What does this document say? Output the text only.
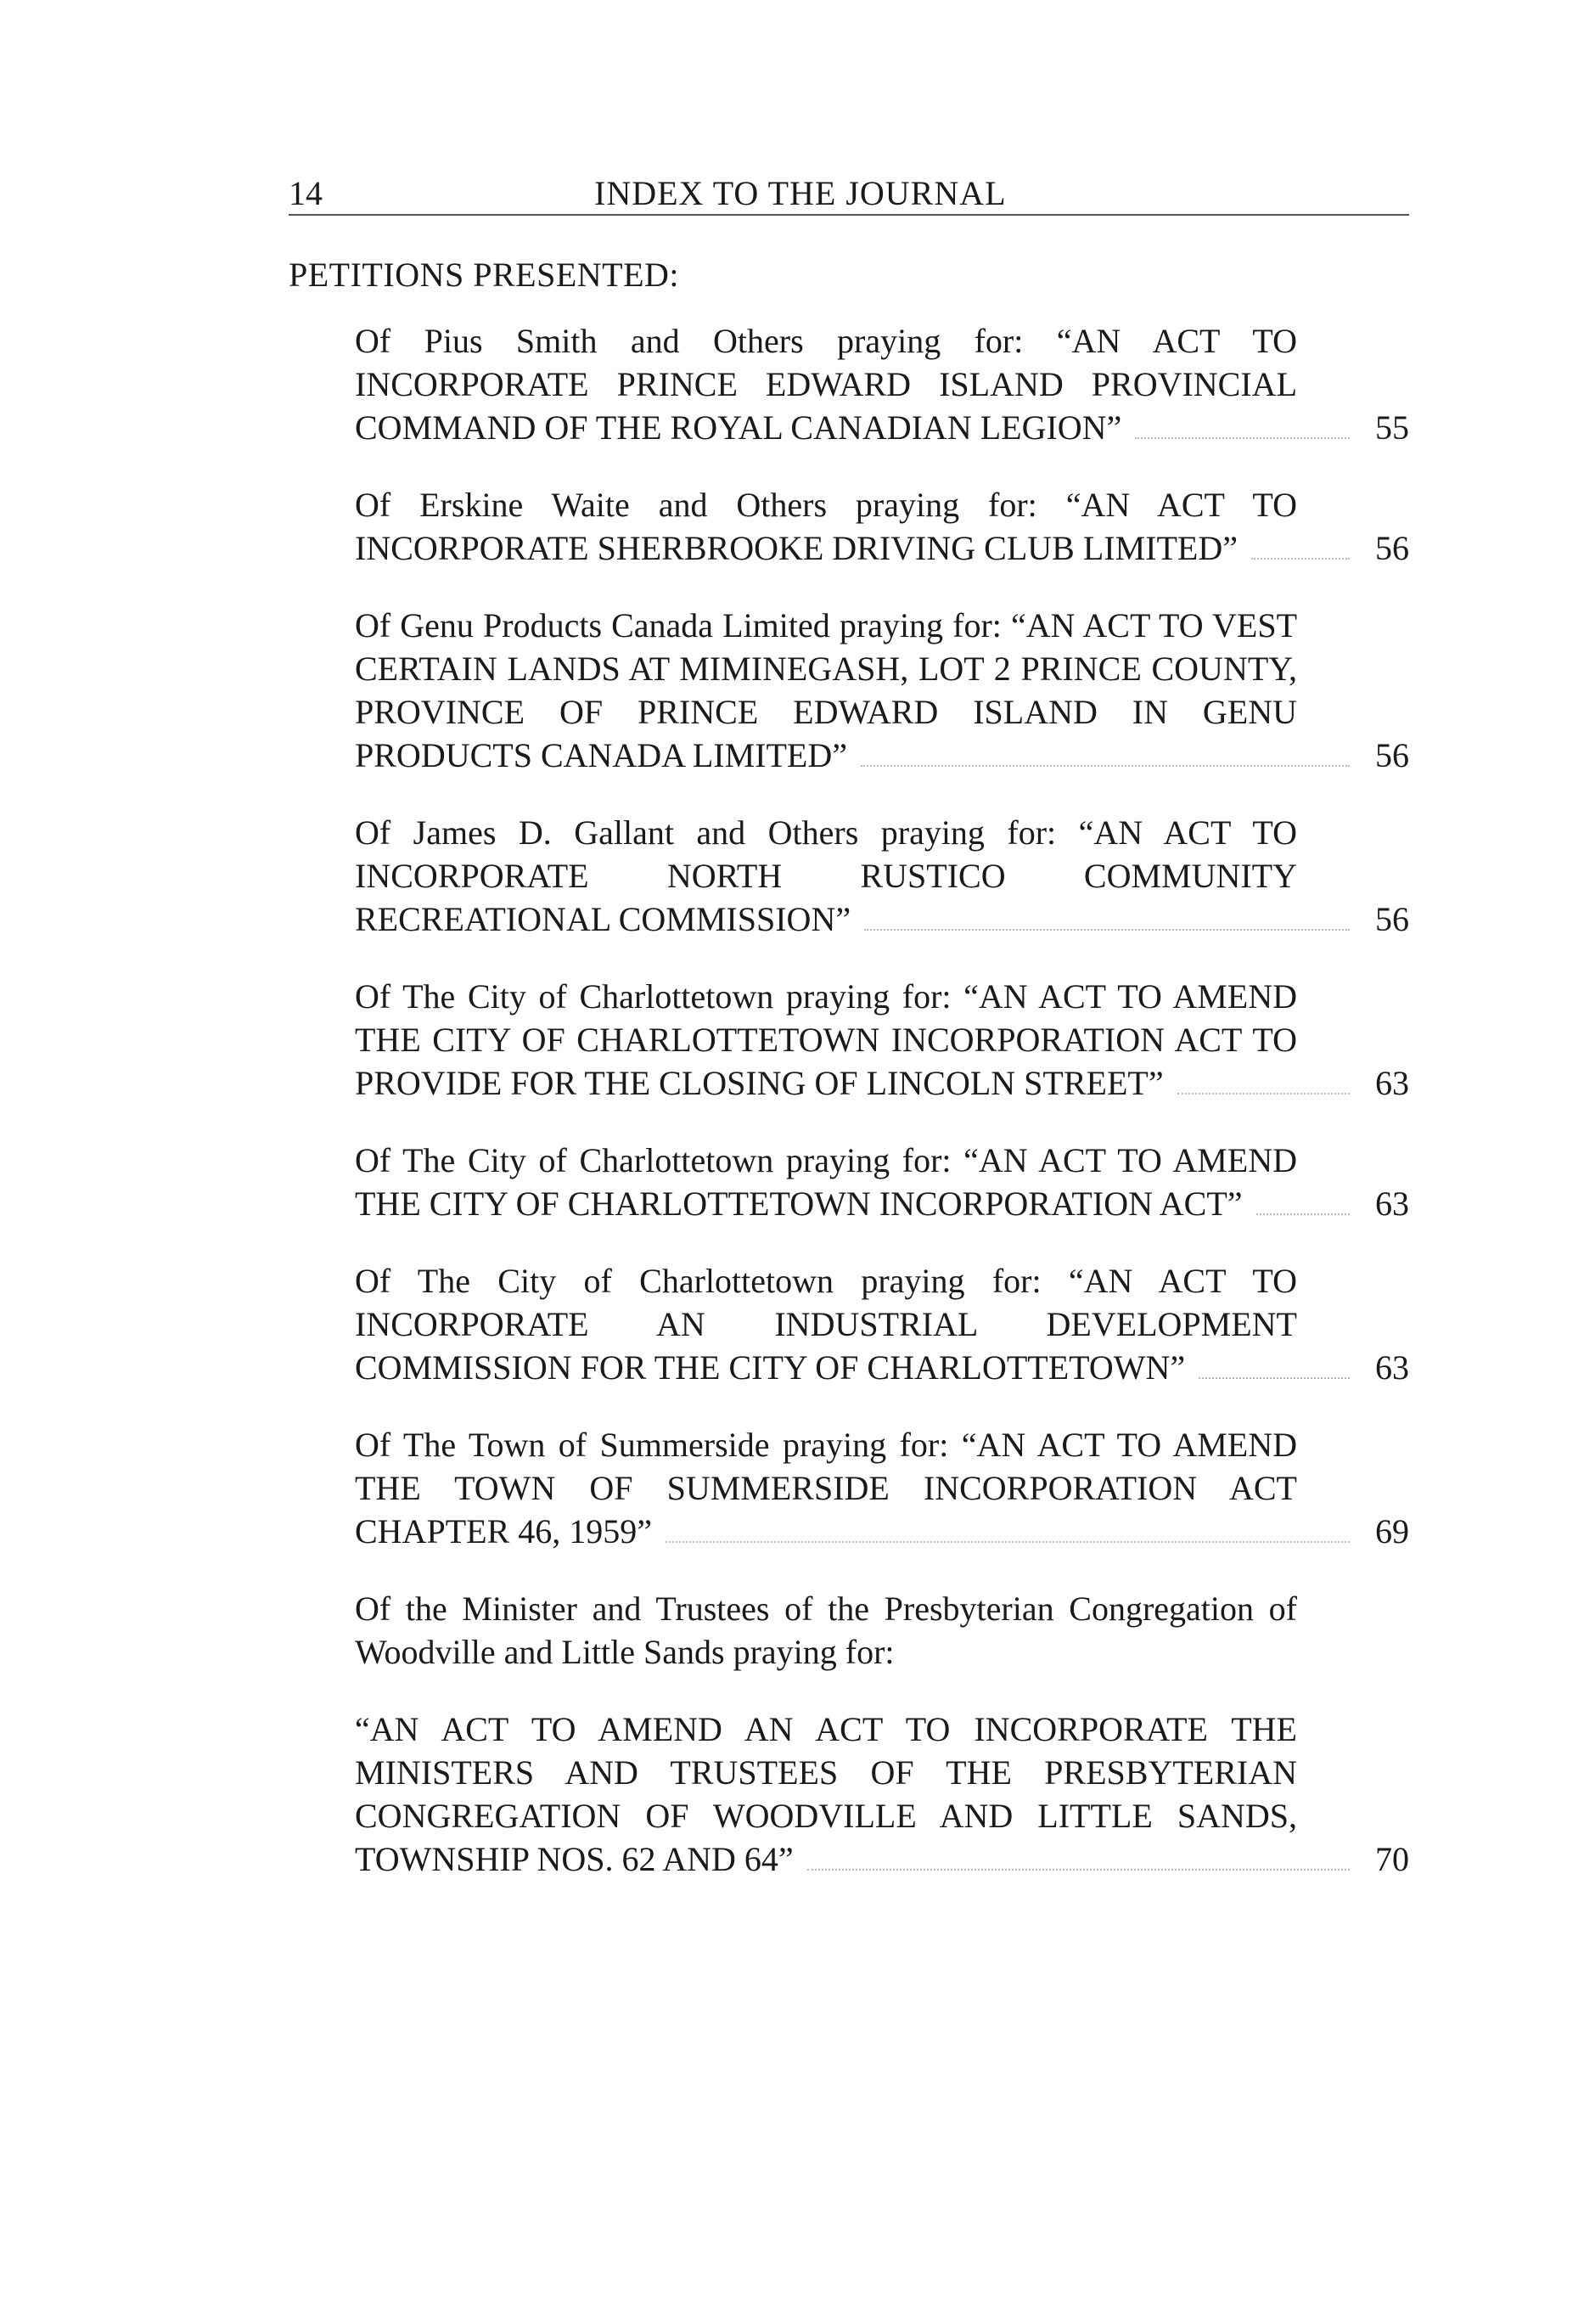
14	INDEX TO THE JOURNAL
PETITIONS PRESENTED:
Of Pius Smith and Others praying for: “AN ACT TO INCORPORATE PRINCE EDWARD ISLAND PROVINCIAL COMMAND OF THE ROYAL CANADIAN LEGION”	55
Of Erskine Waite and Others praying for: “AN ACT TO INCORPORATE SHERBROOKE DRIVING CLUB LIMITED”	56
Of Genu Products Canada Limited praying for: “AN ACT TO VEST CERTAIN LANDS AT MIMINEGASH, LOT 2 PRINCE COUNTY, PROVINCE OF PRINCE EDWARD ISLAND IN GENU PRODUCTS CANADA LIMITED”	56
Of James D. Gallant and Others praying for: “AN ACT TO INCORPORATE NORTH RUSTICO COMMUNITY RECREATIONAL COMMISSION”	56
Of The City of Charlottetown praying for: “AN ACT TO AMEND THE CITY OF CHARLOTTETOWN INCORPORATION ACT TO PROVIDE FOR THE CLOSING OF LINCOLN STREET”	63
Of The City of Charlottetown praying for: “AN ACT TO AMEND THE CITY OF CHARLOTTETOWN INCORPORATION ACT”	63
Of The City of Charlottetown praying for: “AN ACT TO INCORPORATE AN INDUSTRIAL DEVELOPMENT COMMISSION FOR THE CITY OF CHARLOTTETOWN”	63
Of The Town of Summerside praying for: “AN ACT TO AMEND THE TOWN OF SUMMERSIDE INCORPORATION ACT CHAPTER 46, 1959”	69
Of the Minister and Trustees of the Presbyterian Congregation of Woodville and Little Sands praying for:
“AN ACT TO AMEND AN ACT TO INCORPORATE THE MINISTERS AND TRUSTEES OF THE PRESBYTERIAN CONGREGATION OF WOODVILLE AND LITTLE SANDS, TOWNSHIP NOS. 62 AND 64”	70
